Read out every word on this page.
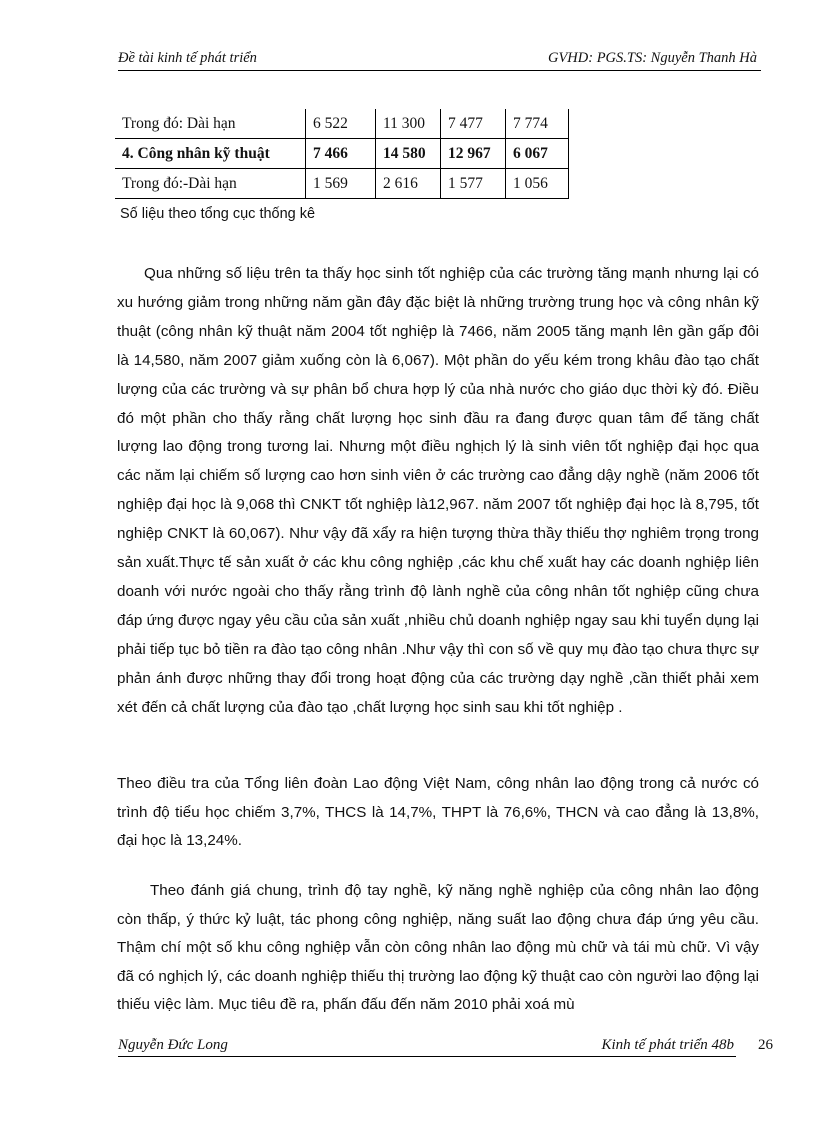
Đề tài kinh tế phát triển	GVHD: PGS.TS: Nguyễn Thanh Hà
Trong đó: Dài hạn	6 522	11 300	7 477	7 774
4. Công nhân kỹ thuật	7 466	14 580	12 967	6 067
Trong đó:-Dài hạn	1 569	2 616	1 577	1 056
Số liệu theo tổng cục thống kê
Qua những số liệu trên ta thấy học sinh tốt nghiệp của các trường tăng mạnh nhưng lại có xu hướng giảm trong những năm gần đây đặc biệt là những trường trung học và công nhân kỹ thuật (công nhân kỹ thuật năm 2004 tốt nghiệp là 7466, năm 2005 tăng mạnh lên gần gấp đôi là 14,580, năm 2007 giảm xuống còn là 6,067). Một phần do yếu kém trong khâu đào tạo chất lượng của các trường và sự phân bổ chưa hợp lý của nhà nước cho giáo dục thời kỳ đó. Điều đó một phần cho thấy rằng chất lượng học sinh đầu ra đang được quan tâm để tăng chất lượng lao động trong tương lai. Nhưng một điều nghịch lý là sinh viên tốt nghiệp đại học qua các năm lại chiếm số lượng cao hơn sinh viên ở các trường cao đẳng dậy nghề (năm 2006 tốt nghiệp đại học là 9,068 thì CNKT tốt nghiệp là12,967. năm 2007 tốt nghiệp đại học là 8,795, tốt nghiệp CNKT là 60,067). Như vậy đã xẩy ra hiện tượng thừa thầy thiếu thợ nghiêm trọng trong sản xuất.Thực tế sản xuất ở các khu công nghiệp ,các khu chế xuất hay các doanh nghiệp liên doanh với nước ngoài cho thấy rằng trình độ lành nghề của công nhân tốt nghiệp cũng chưa đáp ứng được ngay yêu cầu của sản xuất ,nhiều chủ doanh nghiệp ngay sau khi tuyển dụng lại phải tiếp tục bỏ tiền ra đào tạo công nhân .Như vậy thì con số về quy mụ đào tạo chưa thực sự phản ánh được những thay đổi trong hoạt động của các trường dạy nghề ,cần thiết phải xem xét đến cả chất lượng của đào tạo ,chất lượng học sinh sau khi tốt nghiệp .
Theo điều tra của Tổng liên đoàn Lao động Việt Nam, công nhân lao động trong cả nước có trình độ tiểu học chiếm 3,7%, THCS là 14,7%, THPT là 76,6%, THCN và cao đẳng là 13,8%, đại học là 13,24%.
Theo đánh giá chung, trình độ tay nghề, kỹ năng nghề nghiệp của công nhân lao động còn thấp, ý thức kỷ luật, tác phong công nghiệp, năng suất lao động chưa đáp ứng yêu cầu. Thậm chí một số khu công nghiệp vẫn còn công nhân lao động mù chữ và tái mù chữ. Vì vậy đã có nghịch lý, các doanh nghiệp thiếu thị trường lao động kỹ thuật cao còn người lao động lại thiếu việc làm. Mục tiêu đề ra, phấn đấu đến năm 2010 phải xoá mù
Nguyễn Đức Long	Kinh tế phát triển 48b 26
